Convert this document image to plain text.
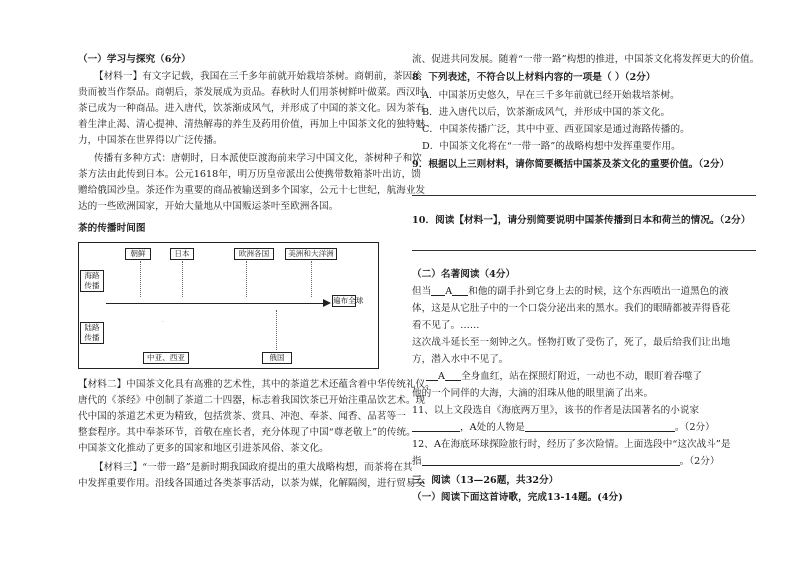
（一）学习与探究（6分）
【材料一】有文字记载，我国在三千多年前就开始栽培茶树。商朝前，茶因珍
贵而被当作祭品。商朝后，茶发展成为贡品。春秋时人们用茶树鲜叶做菜。西汉时
茶已成为一种商品。进入唐代，饮茶渐成风气，并形成了中国的茶文化。因为茶有
着生津止渴、清心提神、清热解毒的养生及药用价值，再加上中国茶文化的独特魅
力，中国茶在世界得以广泛传播。
传播有多种方式：唐朝时，日本派使臣渡海前来学习中国文化，茶树种子和饮
茶方法由此传到日本。公元1618年，明万历皇帝派出公使携带数箱茶叶出访，馈
赠给俄国沙皇。茶还作为重要的商品被输送到多个国家，公元十七世纪，航海业发
达的一些欧洲国家，开始大量地从中国贩运茶叶至欧洲各国。
茶的传播时间图
朝鲜	日本	欧洲各国	美洲和大洋洲
海路传播
陆路传播
·
遍布全球
中亚、西亚	俄国
【材料二】中国茶文化具有高雅的艺术性，其中的茶道艺术还蕴含着中华传统礼仪。
唐代的《茶经》中创制了茶道二十四器，标志着我国饮茶已开始注重品饮艺术。现
代中国的茶道艺术更为精致，包括赏茶、赏具、冲泡、奉茶、闻香、品茗等一
整套程序。其中奉茶环节，首敬在座长者，充分体现了中国“尊老敬上”的传统。
中国茶文化推动了更多的国家和地区引进茶风俗、茶文化。
【材料三】“一带一路”是新时期我国政府提出的重大战略构想，而茶将在其
中发挥重要作用。沿线各国通过各类茶事活动，以茶为媒，化解隔阂，进行贸易交
流、促进共同发展。随着“一带一路”构想的推进，中国茶文化将发挥更大的价值。
8．下列表述，不符合以上材料内容的一项是（ ）（2分）
A．中国茶历史悠久，早在三千多年前就已经开始栽培茶树。
B．进入唐代以后，饮茶渐成风气，并形成中国的茶文化。
C．中国茶传播广泛，其中中亚、西亚国家是通过海路传播的。
D．中国茶文化将在“一带一路”的战略构想中发挥重要作用。
9．根据以上三则材料，请你简要概括中国茶及茶文化的重要价值。（2分）
10．阅读【材料一】，请分别简要说明中国茶传播到日本和荷兰的情况。（2分）
（二）名著阅读（4分）
但当 A 和他的副手扑到它身上去的时候，这个东西喷出一道黑色的液
体，这是从它肚子中的一个口袋分泌出来的黑水。我们的眼睛都被弄得昏花
看不见了。……
这次战斗延长至一刻钟之久。怪物打败了受伤了，死了，最后给我们让出地
方，潜入水中不见了。
A 全身血红，站在探照灯附近，一动也不动，眼盯着吞噬了
他的一个同伴的大海，大滴的泪珠从他的眼里滴了出来。
11、以上文段选自《海底两万里》，该书的作者是法国著名的小说家
，A处的人物是	。（2分）
12、A在海底环球探险旅行时，经历了多次险情。上面选段中“这次战斗”是
指	。（2分）
三、阅读（13—26题，共32分）
（一）阅读下面这首诗歌，完成13-14题。(4分)
